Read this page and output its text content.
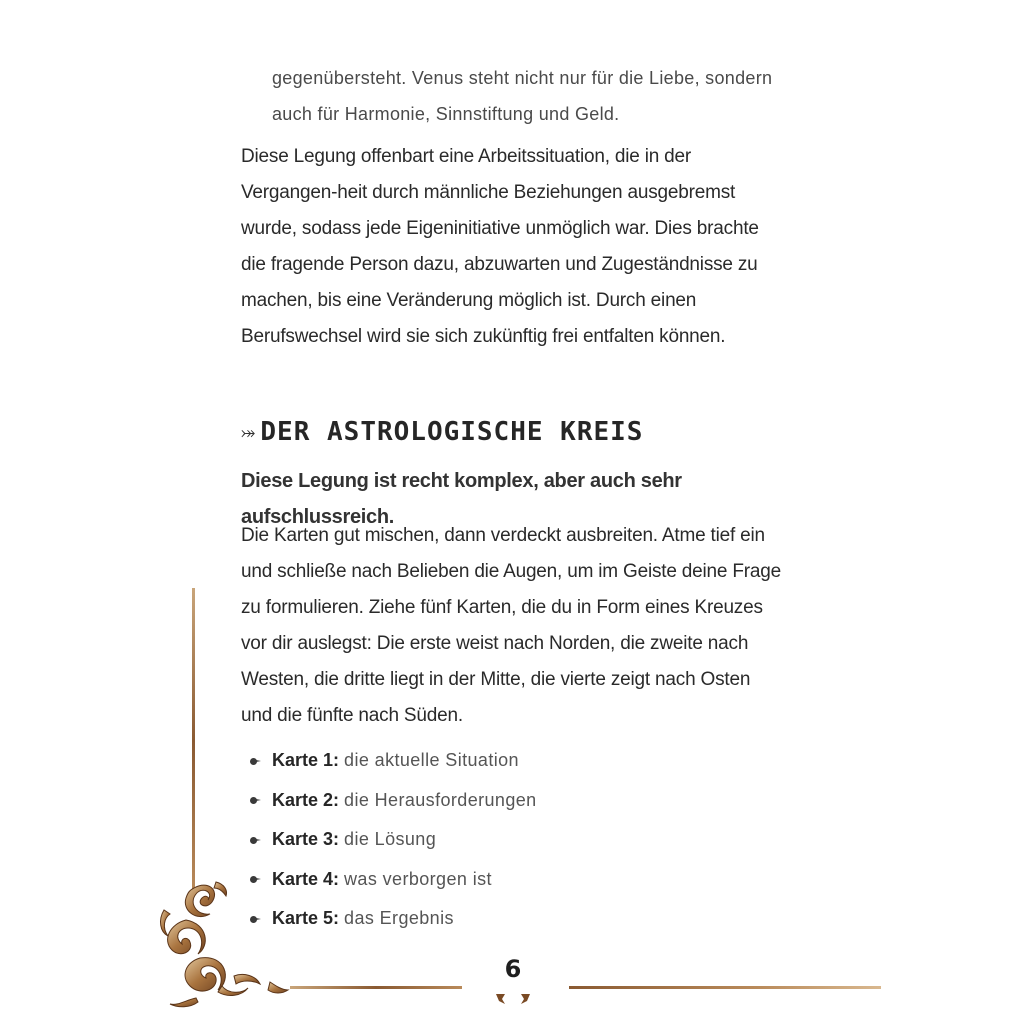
gegenübersteht. Venus steht nicht nur für die Liebe, sondern
auch für Harmonie, Sinnstiftung und Geld.
Diese Legung offenbart eine Arbeitssituation, die in der Vergangen-heit durch männliche Beziehungen ausgebremst wurde, sodass jede Eigeninitiative unmöglich war. Dies brachte die fragende Person dazu, abzuwarten und Zugeständnisse zu machen, bis eine Veränderung möglich ist. Durch einen Berufswechsel wird sie sich zukünftig frei entfalten können.
⤖ DER ASTROLOGISCHE KREIS
Diese Legung ist recht komplex, aber auch sehr aufschlussreich.
Die Karten gut mischen, dann verdeckt ausbreiten. Atme tief ein und schließe nach Belieben die Augen, um im Geiste deine Frage zu formulieren. Ziehe fünf Karten, die du in Form eines Kreuzes vor dir auslegst: Die erste weist nach Norden, die zweite nach Westen, die dritte liegt in der Mitte, die vierte zeigt nach Osten und die fünfte nach Süden.
Karte 1: die aktuelle Situation
Karte 2: die Herausforderungen
Karte 3: die Lösung
Karte 4: was verborgen ist
Karte 5: das Ergebnis
6
